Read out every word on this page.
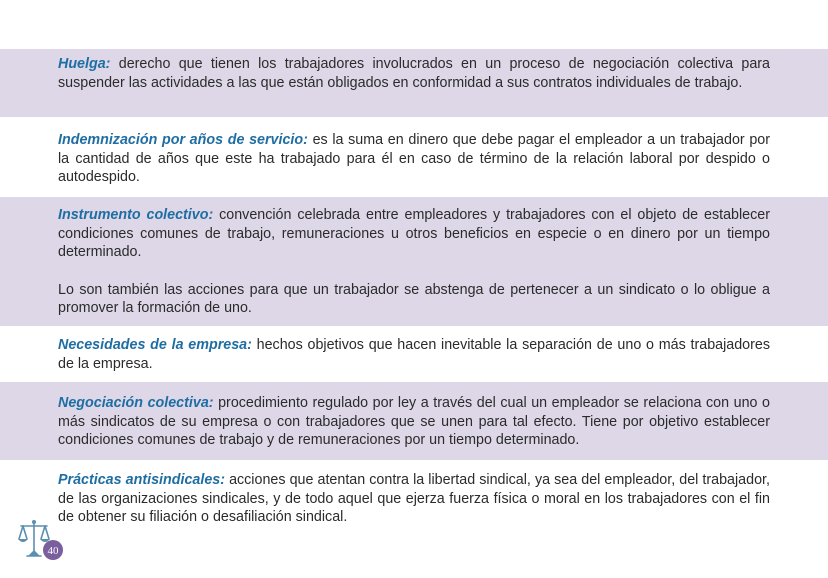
Huelga: derecho que tienen los trabajadores involucrados en un proceso de negociación colectiva para suspender las actividades a las que están obligados en conformidad a sus contratos individuales de trabajo.

Indemnización por años de servicio: es la suma en dinero que debe pagar el empleador a un trabajador por la cantidad de años que este ha trabajado para él en caso de término de la relación laboral por despido o autodespido.

Instrumento colectivo: convención celebrada entre empleadores y trabajadores con el objeto de establecer condiciones comunes de trabajo, remuneraciones u otros beneficios en especie o en dinero por un tiempo determinado.

Lo son también las acciones para que un trabajador se abstenga de pertenecer a un sindicato o lo obligue a promover la formación de uno.

Necesidades de la empresa: hechos objetivos que hacen inevitable la separación de uno o más trabajadores de la empresa.

Negociación colectiva: procedimiento regulado por ley a través del cual un empleador se relaciona con uno o más sindicatos de su empresa o con trabajadores que se unen para tal efecto. Tiene por objetivo establecer condiciones comunes de trabajo y de remuneraciones por un tiempo determinado.

Prácticas antisindicales: acciones que atentan contra la libertad sindical, ya sea del empleador, del trabajador, de las organizaciones sindicales, y de todo aquel que ejerza fuerza física o moral en los trabajadores con el fin de obtener su filiación o desafiliación sindical.

40
